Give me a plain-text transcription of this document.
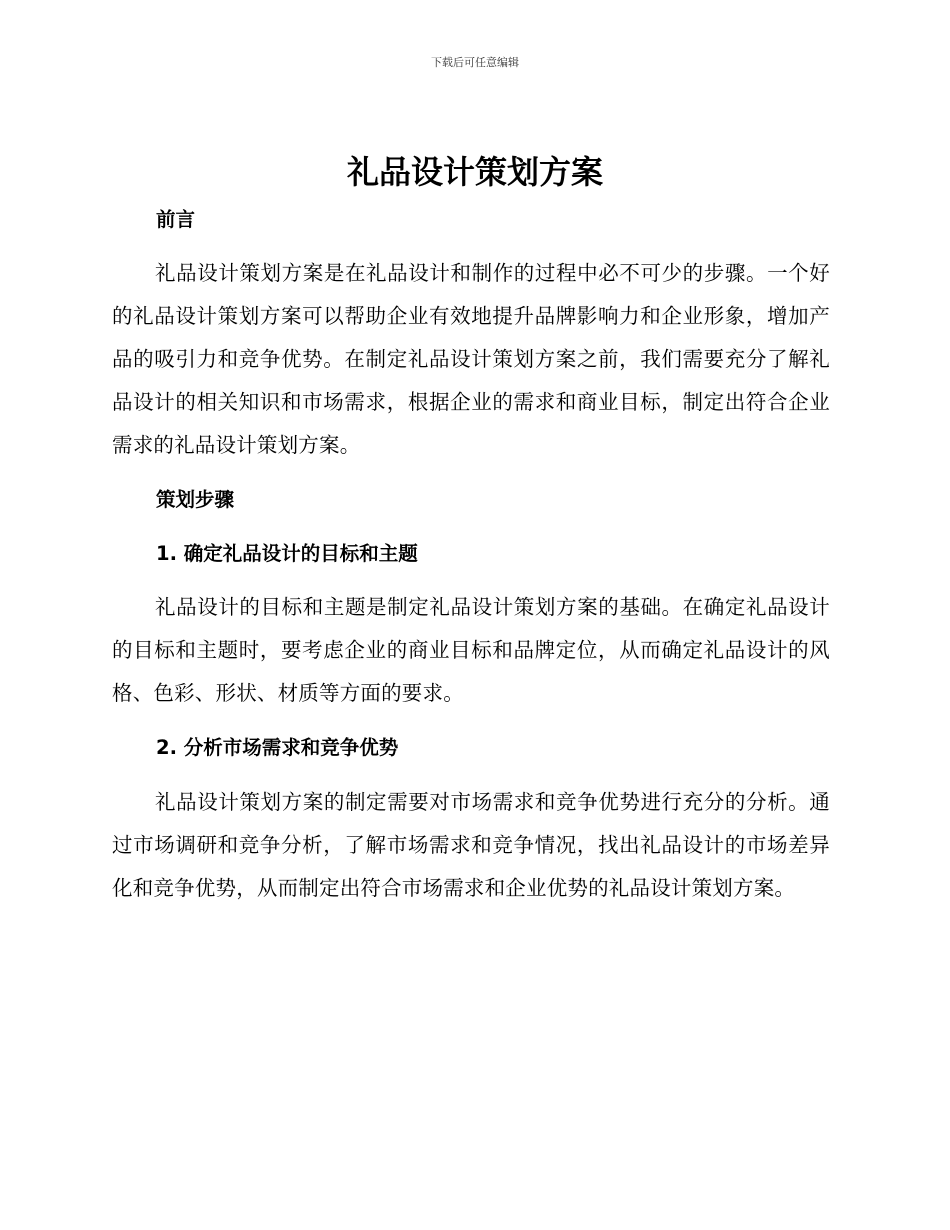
下载后可任意编辑
礼品设计策划方案
前言

礼品设计策划方案是在礼品设计和制作的过程中必不可少的步骤。一个好的礼品设计策划方案可以帮助企业有效地提升品牌影响力和企业形象，增加产品的吸引力和竞争优势。在制定礼品设计策划方案之前，我们需要充分了解礼品设计的相关知识和市场需求，根据企业的需求和商业目标，制定出符合企业需求的礼品设计策划方案。

策划步骤
1. 确定礼品设计的目标和主题

礼品设计的目标和主题是制定礼品设计策划方案的基础。在确定礼品设计的目标和主题时，要考虑企业的商业目标和品牌定位，从而确定礼品设计的风格、色彩、形状、材质等方面的要求。

2. 分析市场需求和竞争优势

礼品设计策划方案的制定需要对市场需求和竞争优势进行充分的分析。通过市场调研和竞争分析，了解市场需求和竞争情况，找出礼品设计的市场差异化和竞争优势，从而制定出符合市场需求和企业优势的礼品设计策划方案。
